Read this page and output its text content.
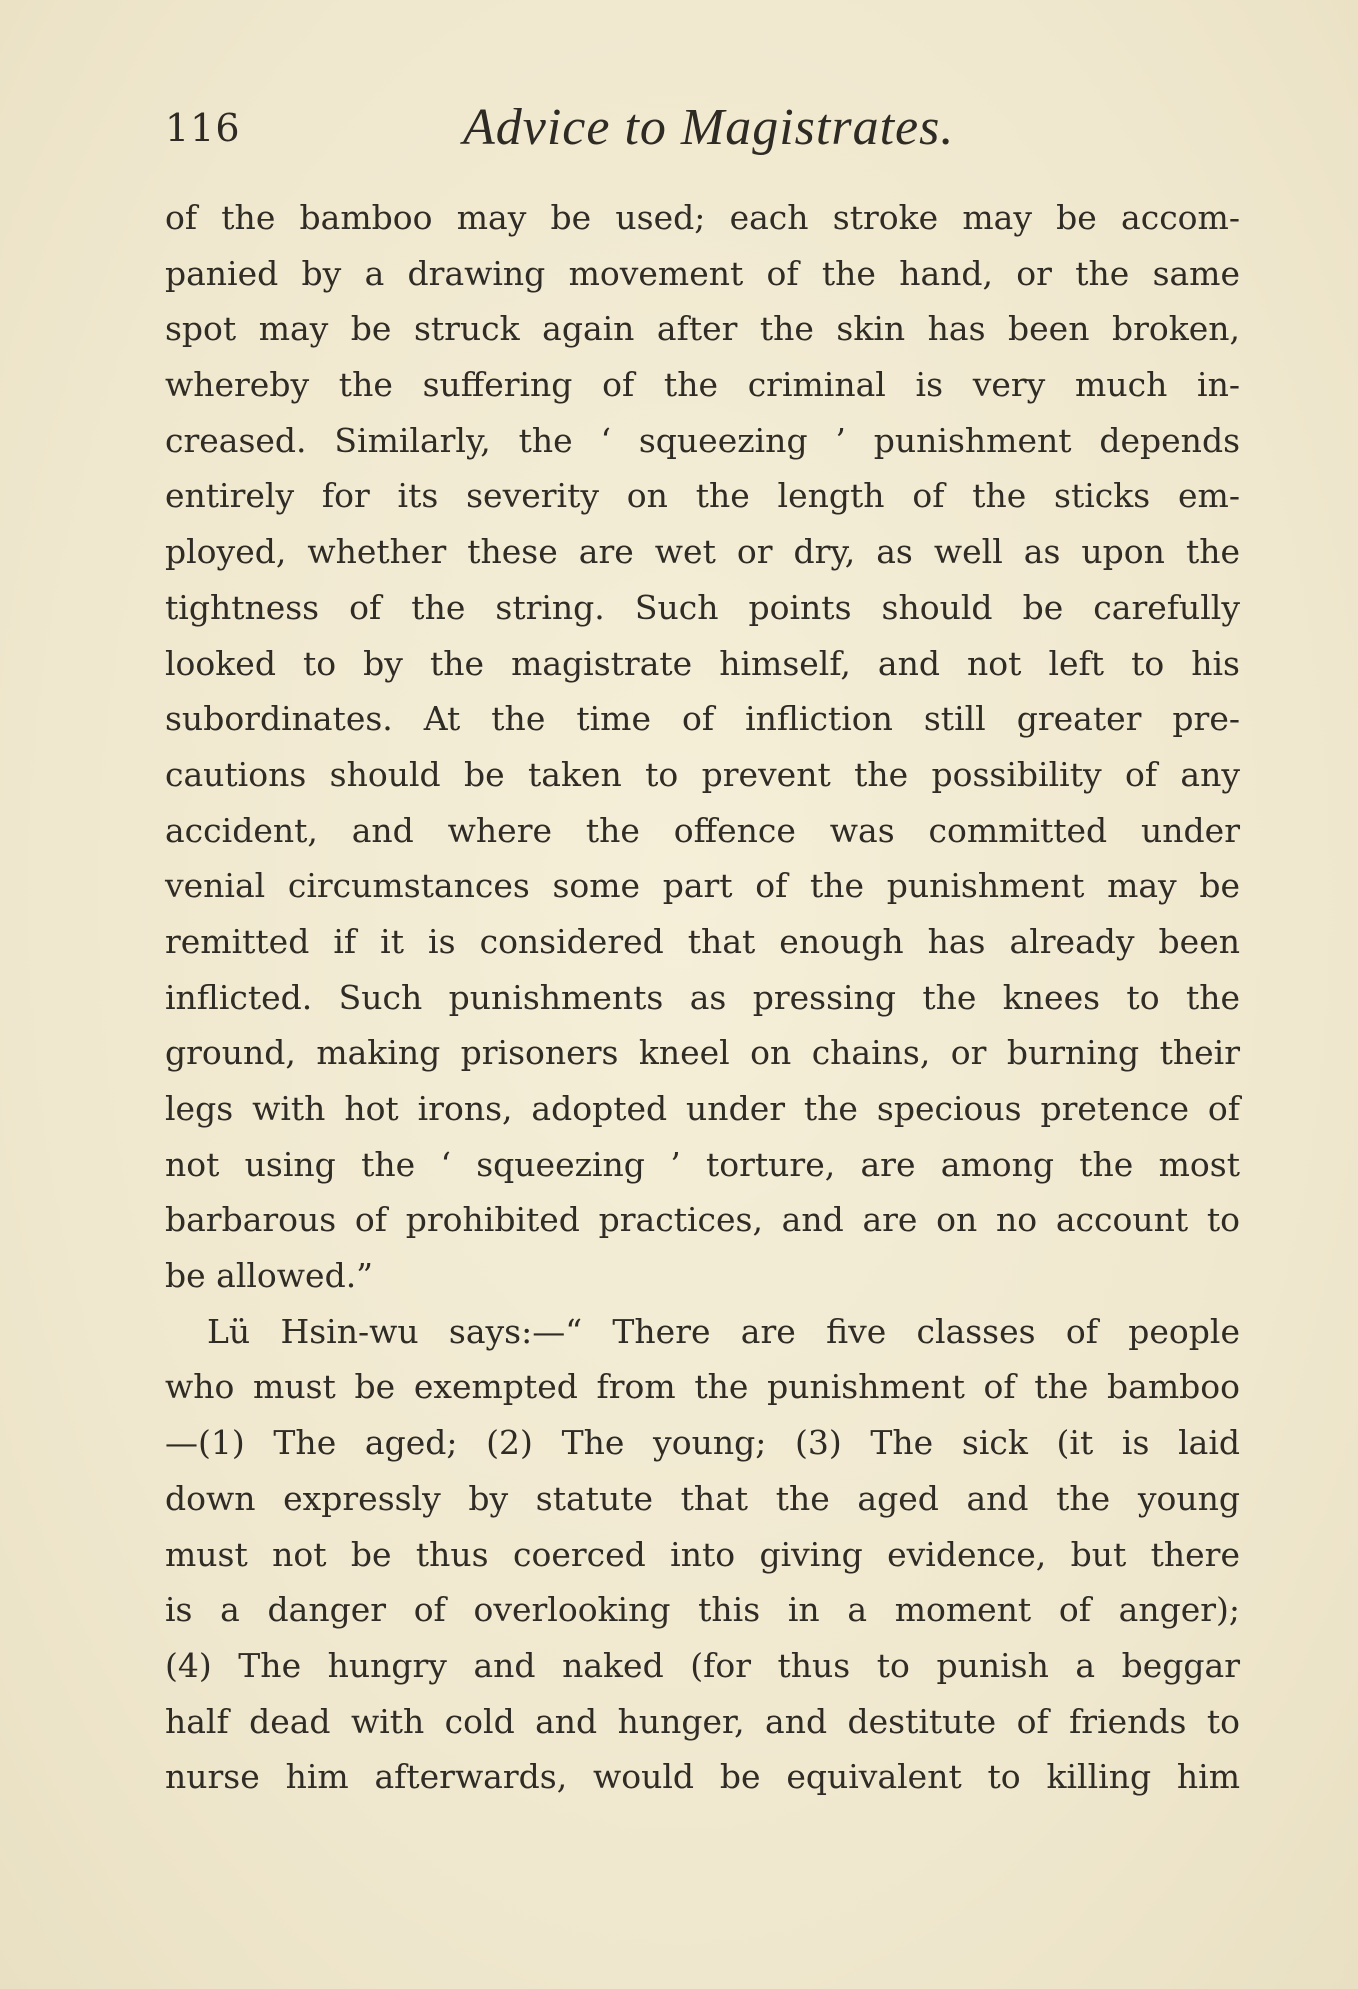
116	Advice to Magistrates.
of the bamboo may be used; each stroke may be accom-
panied by a drawing movement of the hand, or the same
spot may be struck again after the skin has been broken,
whereby the suffering of the criminal is very much in-
creased. Similarly, the ‘ squeezing ’ punishment depends
entirely for its severity on the length of the sticks em-
ployed, whether these are wet or dry, as well as upon the
tightness of the string. Such points should be carefully
looked to by the magistrate himself, and not left to his
subordinates. At the time of infliction still greater pre-
cautions should be taken to prevent the possibility of any
accident, and where the offence was committed under
venial circumstances some part of the punishment may be
remitted if it is considered that enough has already been
inflicted. Such punishments as pressing the knees to the
ground, making prisoners kneel on chains, or burning their
legs with hot irons, adopted under the specious pretence of
not using the ‘ squeezing ’ torture, are among the most
barbarous of prohibited practices, and are on no account to
be allowed.”
Lü Hsin-wu says:—“ There are five classes of people
who must be exempted from the punishment of the bamboo
—(1) The aged; (2) The young; (3) The sick (it is laid
down expressly by statute that the aged and the young
must not be thus coerced into giving evidence, but there
is a danger of overlooking this in a moment of anger);
(4) The hungry and naked (for thus to punish a beggar
half dead with cold and hunger, and destitute of friends to
nurse him afterwards, would be equivalent to killing him
